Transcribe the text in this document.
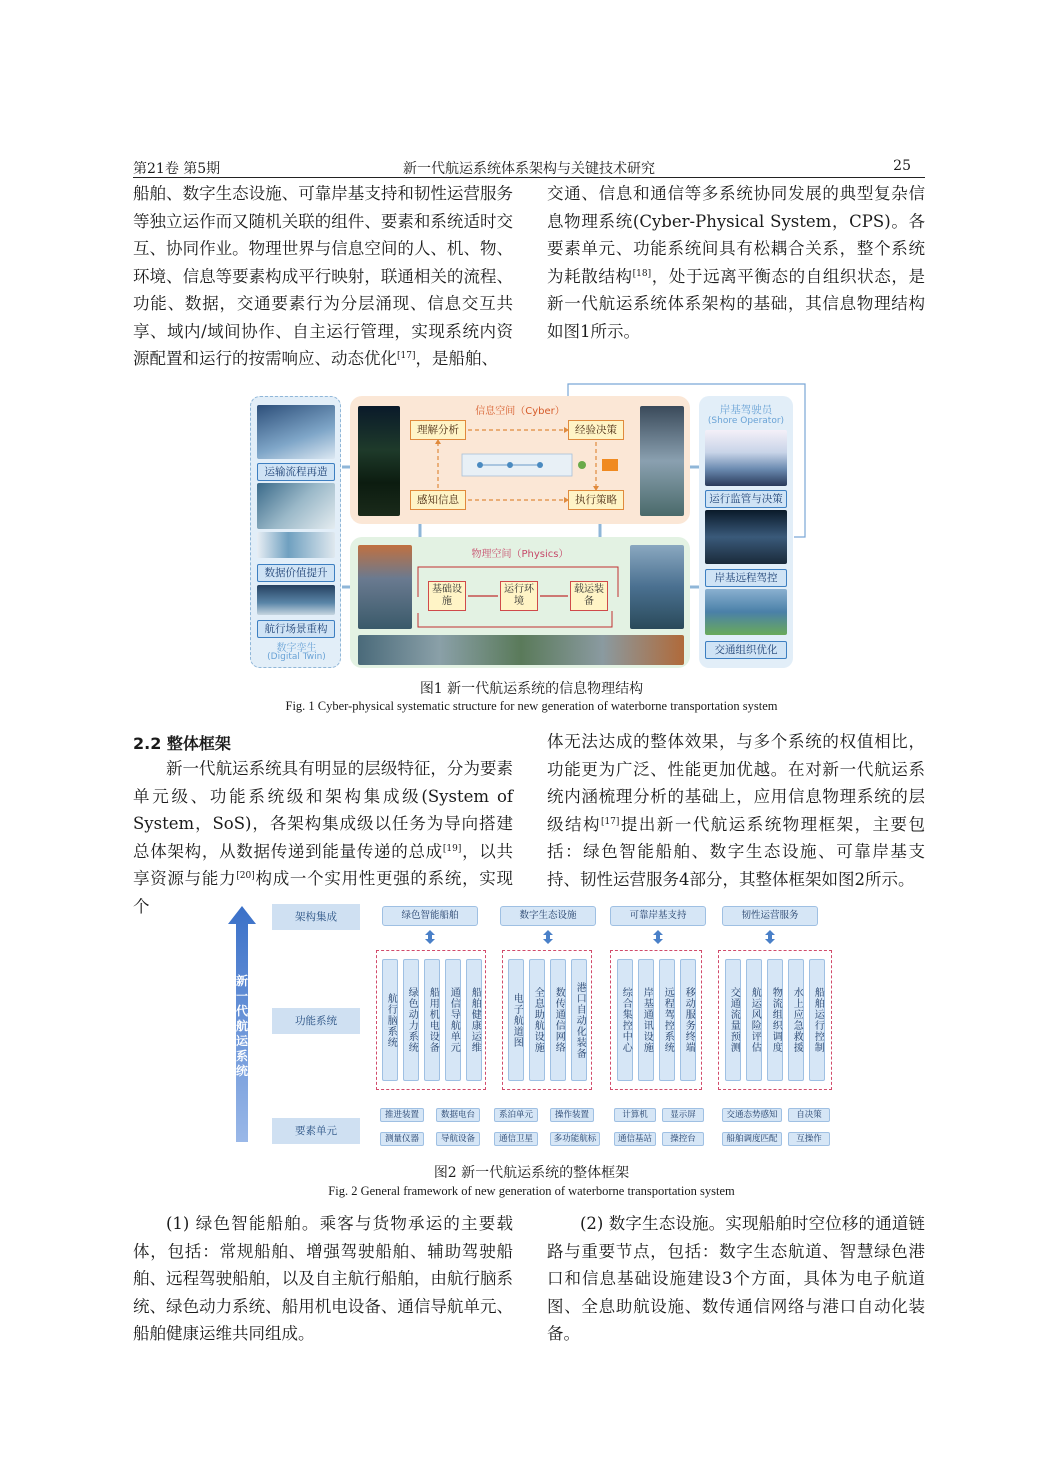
第21卷 第5期	新一代航运系统体系架构与关键技术研究	25

船舶、数字生态设施、可靠岸基支持和韧性运营服务等独立运作而又随机关联的组件、要素和系统适时交互、协同作业。物理世界与信息空间的人、机、物、环境、信息等要素构成平行映射，联通相关的流程、功能、数据，交通要素行为分层涌现、信息交互共享、域内/域间协作、自主运行管理，实现系统内资源配置和运行的按需响应、动态优化[17]，是船舶、

交通、信息和通信等多系统协同发展的典型复杂信息物理系统(Cyber-Physical System，CPS)。各要素单元、功能系统间具有松耦合关系，整个系统为耗散结构[18]，处于远离平衡态的自组织状态，是新一代航运系统体系架构的基础，其信息物理结构如图1所示。

运输流程再造
数据价值提升
航行场景重构
数字孪生
(Digital Twin)
信息空间（Cyber）
理解分析	经验决策
感知信息	执行策略
物理空间（Physics）
基础设施
运行环境
载运装备
岸基驾驶员
(Shore Operator)
运行监管与决策
岸基远程驾控
交通组织优化
图1 新一代航运系统的信息物理结构
Fig. 1 Cyber-physical systematic structure for new generation of waterborne transportation system
2.2 整体框架

新一代航运系统具有明显的层级特征，分为要素单元级、功能系统级和架构集成级(System of System，SoS)，各架构集成级以任务为导向搭建总体架构，从数据传递到能量传递的总成[19]，以共享资源与能力[20]构成一个实用性更强的系统，实现个

体无法达成的整体效果，与多个系统的权值相比，功能更为广泛、性能更加优越。在对新一代航运系统内涵梳理分析的基础上，应用信息物理系统的层级结构[17]提出新一代航运系统物理框架，主要包括：绿色智能船舶、数字生态设施、可靠岸基支持、韧性运营服务4部分，其整体框架如图2所示。

新一代航运系统
架构集成
功能系统
要素单元
绿色智能船舶	数字生态设施	可靠岸基支持	韧性运营服务
航行脑系统	绿色动力系统	船用机电设备	通信导航单元	船舶健康运维	电子航道图	全息助航设施	数传通信网络	港口自动化装备	综合集控中心	岸基通讯设施	远程驾控系统	移动服务终端	交通流量预测	航运风险评估	物流组织调度	水上应急救援	船舶运行控制
推进装置	数据电台	系泊单元	操作装置	计算机	显示屏	交通态势感知	自决策
测量仪器	导航设备	通信卫星	多功能航标	通信基站	操控台	船舶调度匹配	互操作
图2 新一代航运系统的整体框架
Fig. 2 General framework of new generation of waterborne transportation system

(1) 绿色智能船舶。乘客与货物承运的主要载体，包括：常规船舶、增强驾驶船舶、辅助驾驶船舶、远程驾驶船舶，以及自主航行船舶，由航行脑系统、绿色动力系统、船用机电设备、通信导航单元、船舶健康运维共同组成。

(2) 数字生态设施。实现船舶时空位移的通道链路与重要节点，包括：数字生态航道、智慧绿色港口和信息基础设施建设3个方面，具体为电子航道图、全息助航设施、数传通信网络与港口自动化装备。
